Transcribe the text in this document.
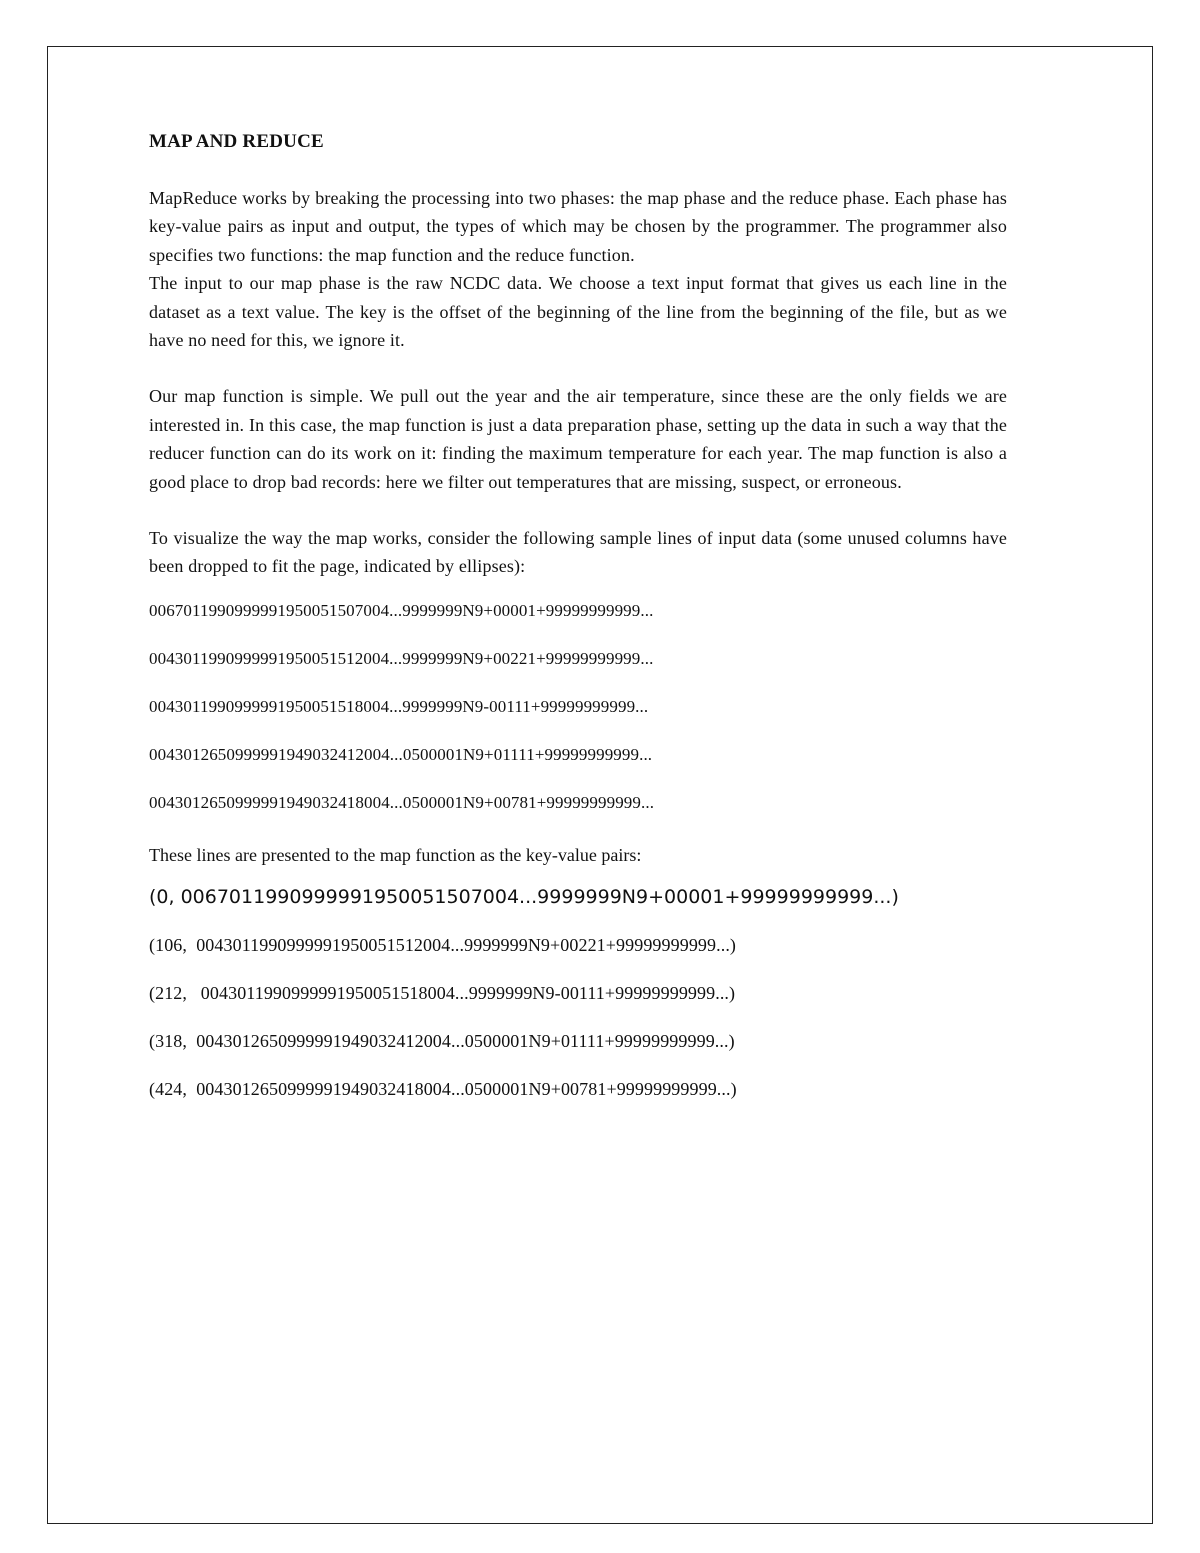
MAP AND REDUCE

MapReduce works by breaking the processing into two phases: the map phase and the reduce phase. Each phase has key-value pairs as input and output, the types of which may be chosen by the programmer. The programmer also specifies two functions: the map function and the reduce function.

The input to our map phase is the raw NCDC data. We choose a text input format that gives us each line in the dataset as a text value. The key is the offset of the beginning of the line from the beginning of the file, but as we have no need for this, we ignore it.

Our map function is simple. We pull out the year and the air temperature, since these are the only fields we are interested in. In this case, the map function is just a data preparation phase, setting up the data in such a way that the reducer function can do its work on it: finding the maximum temperature for each year. The map function is also a good place to drop bad records: here we filter out temperatures that are missing, suspect, or erroneous.

To visualize the way the map works, consider the following sample lines of input data (some unused columns have been dropped to fit the page, indicated by ellipses):

0067011990999991950051507004...9999999N9+00001+99999999999...
0043011990999991950051512004...9999999N9+00221+99999999999...
0043011990999991950051518004...9999999N9-00111+99999999999...
0043012650999991949032412004...0500001N9+01111+99999999999...
0043012650999991949032418004...0500001N9+00781+99999999999...

These lines are presented to the map function as the key-value pairs:

(0, 0067011990999991950051507004...9999999N9+00001+99999999999...)
(106,  0043011990999991950051512004...9999999N9+00221+99999999999...)
(212,   0043011990999991950051518004...9999999N9-00111+99999999999...)
(318,  0043012650999991949032412004...0500001N9+01111+99999999999...)
(424,  0043012650999991949032418004...0500001N9+00781+99999999999...)
